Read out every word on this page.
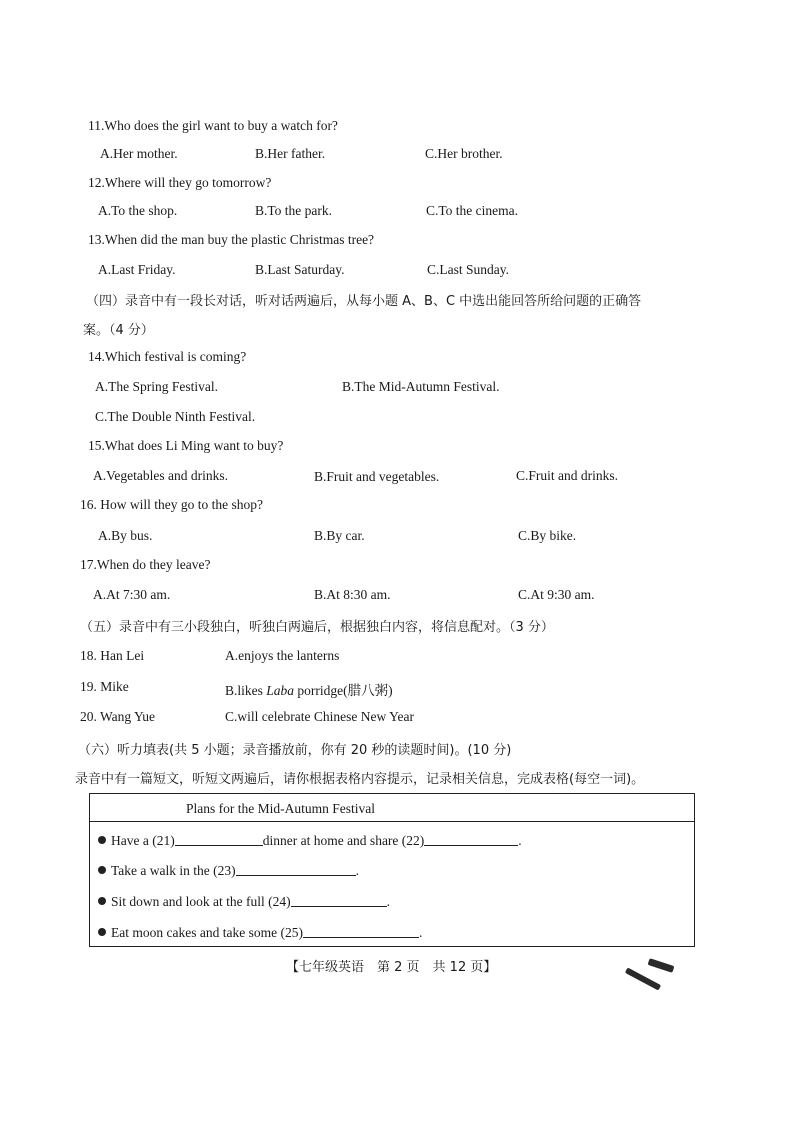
11.Who does the girl want to buy a watch for?
A.Her mother.	B.Her father.	C.Her brother.
12.Where will they go tomorrow?
A.To the shop.	B.To the park.	C.To the cinema.
13.When did the man buy the plastic Christmas tree?
A.Last Friday.	B.Last Saturday.	C.Last Sunday.
（四）录音中有一段长对话，听对话两遍后，从每小题 A、B、C 中选出能回答所给问题的正确答
案。（4 分）
14.Which festival is coming?
A.The Spring Festival.	B.The Mid-Autumn Festival.
C.The Double Ninth Festival.
15.What does Li Ming want to buy?
A.Vegetables and drinks.	B.Fruit and vegetables.	C.Fruit and drinks.
16. How will they go to the shop?
A.By bus.	B.By car.	C.By bike.
17.When do they leave?
A.At 7:30 am.	B.At 8:30 am.	C.At 9:30 am.
（五）录音中有三小段独白，听独白两遍后，根据独白内容，将信息配对。（3 分）
18. Han Lei	A.enjoys the lanterns
19. Mike	B.likes Laba porridge(腊八粥)
20. Wang Yue	C.will celebrate Chinese New Year
（六）听力填表(共 5 小题；录音播放前，你有 20 秒的读题时间)。(10 分)
录音中有一篇短文，听短文两遍后，请你根据表格内容提示，记录相关信息，完成表格(每空一词)。
Plans for the Mid-Autumn Festival
Have a (21)	dinner at home and share (22)	.
Take a walk in the (23)	.
Sit down and look at the full (24)	.
Eat moon cakes and take some (25)	.
【七年级英语　第 2 页　共 12 页】
